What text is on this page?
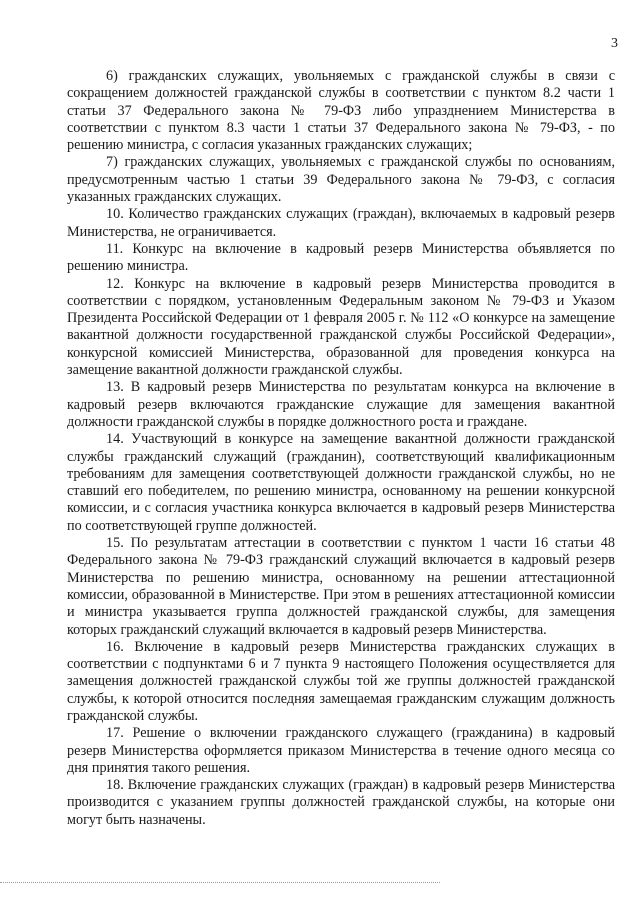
3

6) гражданских служащих, увольняемых с гражданской службы в связи с сокращением должностей гражданской службы в соответствии с пунктом 8.2 части 1 статьи 37 Федерального закона № 79-ФЗ либо упразднением Министерства в соответствии с пунктом 8.3 части 1 статьи 37 Федерального закона № 79-ФЗ, - по решению министра, с согласия указанных гражданских служащих;

7) гражданских служащих, увольняемых с гражданской службы по основаниям, предусмотренным частью 1 статьи 39 Федерального закона № 79-ФЗ, с согласия указанных гражданских служащих.

10. Количество гражданских служащих (граждан), включаемых в кадровый резерв Министерства, не ограничивается.

11. Конкурс на включение в кадровый резерв Министерства объявляется по решению министра.

12. Конкурс на включение в кадровый резерв Министерства проводится в соответствии с порядком, установленным Федеральным законом № 79-ФЗ и Указом Президента Российской Федерации от 1 февраля 2005 г. № 112 «О конкурсе на замещение вакантной должности государственной гражданской службы Российской Федерации», конкурсной комиссией Министерства, образованной для проведения конкурса на замещение вакантной должности гражданской службы.

13. В кадровый резерв Министерства по результатам конкурса на включение в кадровый резерв включаются гражданские служащие для замещения вакантной должности гражданской службы в порядке должностного роста и граждане.

14. Участвующий в конкурсе на замещение вакантной должности гражданской службы гражданский служащий (гражданин), соответствующий квалификационным требованиям для замещения соответствующей должности гражданской службы, но не ставший его победителем, по решению министра, основанному на решении конкурсной комиссии, и с согласия участника конкурса включается в кадровый резерв Министерства по соответствующей группе должностей.

15. По результатам аттестации в соответствии с пунктом 1 части 16 статьи 48 Федерального закона № 79-ФЗ гражданский служащий включается в кадровый резерв Министерства по решению министра, основанному на решении аттестационной комиссии, образованной в Министерстве. При этом в решениях аттестационной комиссии и министра указывается группа должностей гражданской службы, для замещения которых гражданский служащий включается в кадровый резерв Министерства.

16. Включение в кадровый резерв Министерства гражданских служащих в соответствии с подпунктами 6 и 7 пункта 9 настоящего Положения осуществляется для замещения должностей гражданской службы той же группы должностей гражданской службы, к которой относится последняя замещаемая гражданским служащим должность гражданской службы.

17. Решение о включении гражданского служащего (гражданина) в кадровый резерв Министерства оформляется приказом Министерства в течение одного месяца со дня принятия такого решения.

18. Включение гражданских служащих (граждан) в кадровый резерв Министерства производится с указанием группы должностей гражданской службы, на которые они могут быть назначены.
